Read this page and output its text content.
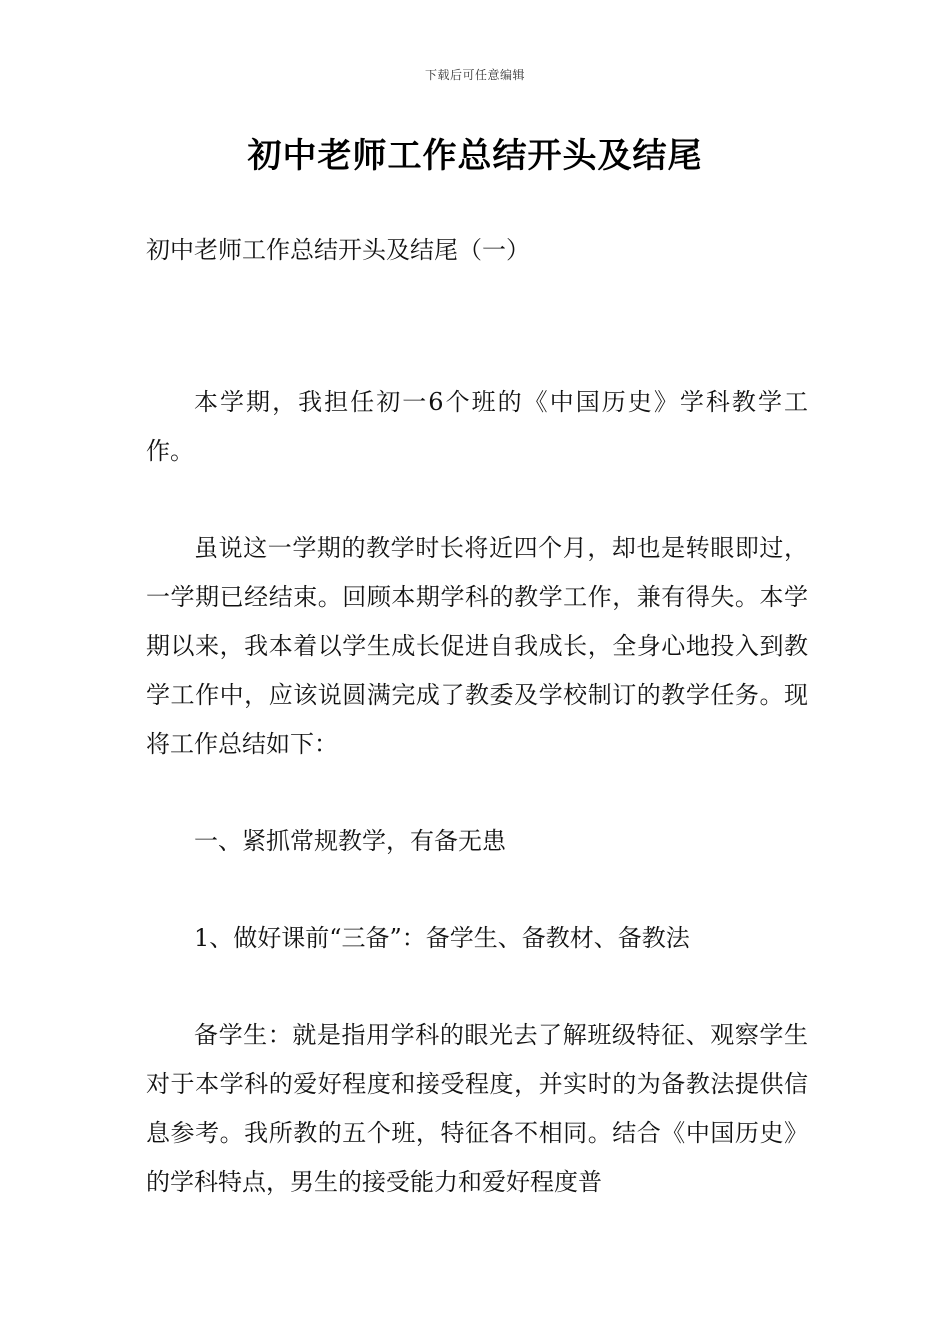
下载后可任意编辑
初中老师工作总结开头及结尾

初中老师工作总结开头及结尾（一）

本学期，我担任初一6个班的《中国历史》学科教学工作。

虽说这一学期的教学时长将近四个月，却也是转眼即过，一学期已经结束。回顾本期学科的教学工作，兼有得失。本学期以来，我本着以学生成长促进自我成长，全身心地投入到教学工作中，应该说圆满完成了教委及学校制订的教学任务。现将工作总结如下：

一、紧抓常规教学，有备无患

1、做好课前“三备”：备学生、备教材、备教法

备学生：就是指用学科的眼光去了解班级特征、观察学生对于本学科的爱好程度和接受程度，并实时的为备教法提供信息参考。我所教的五个班，特征各不相同。结合《中国历史》的学科特点，男生的接受能力和爱好程度普
